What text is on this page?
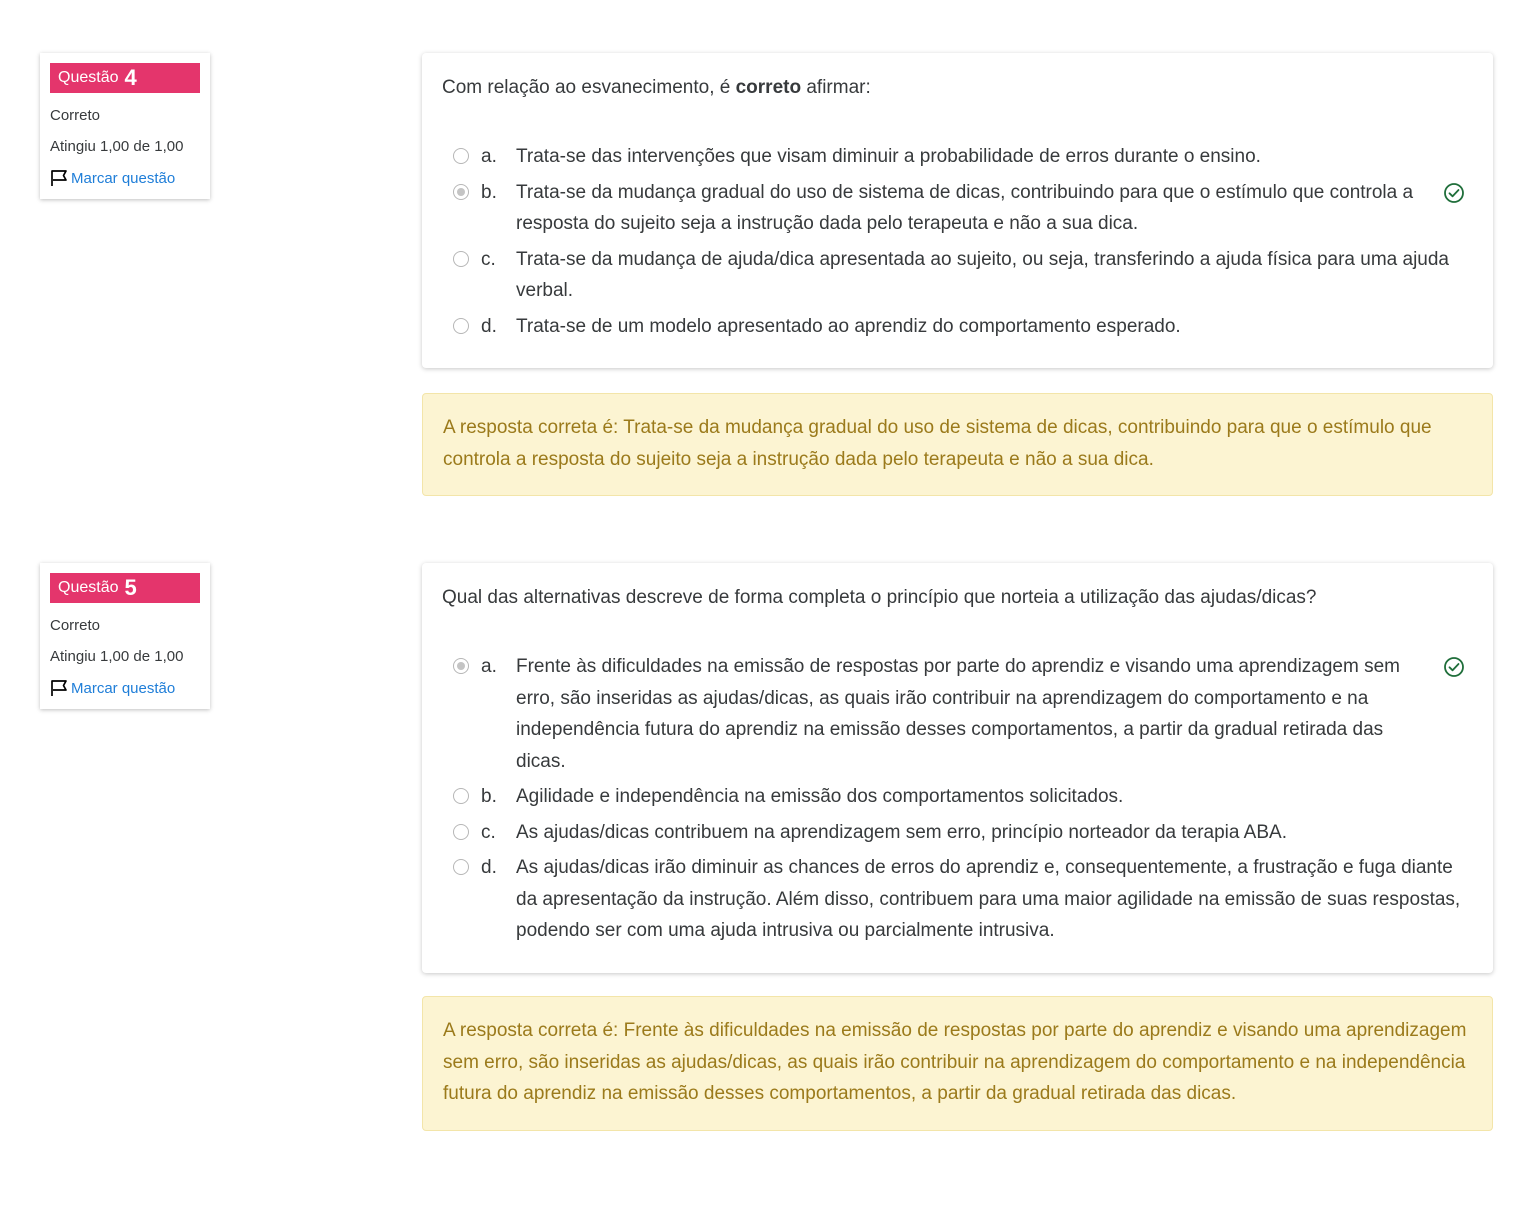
Questão 4
Correto
Atingiu 1,00 de 1,00
Marcar questão
Com relação ao esvanecimento, é correto afirmar:
a.	Trata-se das intervenções que visam diminuir a probabilidade de erros durante o ensino.
b.	Trata-se da mudança gradual do uso de sistema de dicas, contribuindo para que o estímulo que controla a resposta do sujeito seja a instrução dada pelo terapeuta e não a sua dica.
c.	Trata-se da mudança de ajuda/dica apresentada ao sujeito, ou seja, transferindo a ajuda física para uma ajuda verbal.
d.	Trata-se de um modelo apresentado ao aprendiz do comportamento esperado.
A resposta correta é: Trata-se da mudança gradual do uso de sistema de dicas, contribuindo para que o estímulo que controla a resposta do sujeito seja a instrução dada pelo terapeuta e não a sua dica.
Questão 5
Correto
Atingiu 1,00 de 1,00
Marcar questão
Qual das alternativas descreve de forma completa o princípio que norteia a utilização das ajudas/dicas?
a.	Frente às dificuldades na emissão de respostas por parte do aprendiz e visando uma aprendizagem sem erro, são inseridas as ajudas/dicas, as quais irão contribuir na aprendizagem do comportamento e na independência futura do aprendiz na emissão desses comportamentos, a partir da gradual retirada das dicas.
b.	Agilidade e independência na emissão dos comportamentos solicitados.
c.	As ajudas/dicas contribuem na aprendizagem sem erro, princípio norteador da terapia ABA.
d.	As ajudas/dicas irão diminuir as chances de erros do aprendiz e, consequentemente, a frustração e fuga diante da apresentação da instrução. Além disso, contribuem para uma maior agilidade na emissão de suas respostas, podendo ser com uma ajuda intrusiva ou parcialmente intrusiva.
A resposta correta é: Frente às dificuldades na emissão de respostas por parte do aprendiz e visando uma aprendizagem sem erro, são inseridas as ajudas/dicas, as quais irão contribuir na aprendizagem do comportamento e na independência futura do aprendiz na emissão desses comportamentos, a partir da gradual retirada das dicas.
